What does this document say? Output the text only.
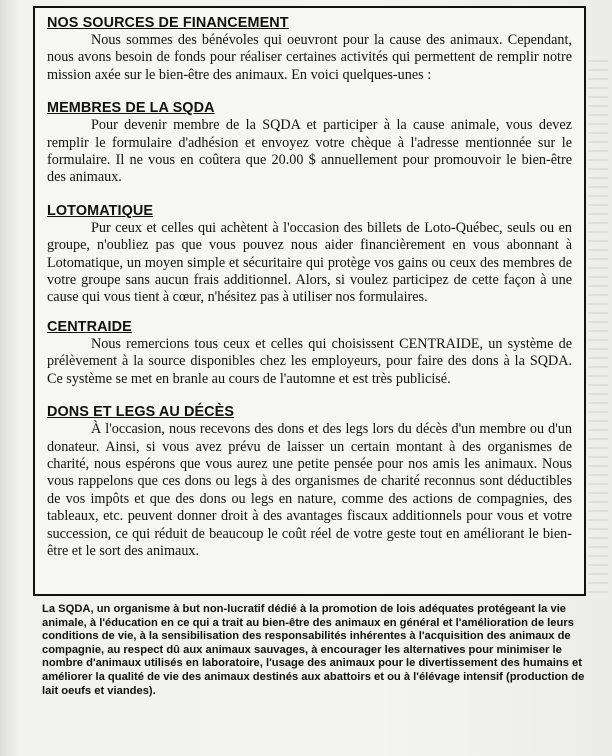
NOS SOURCES DE FINANCEMENT

Nous sommes des bénévoles qui oeuvront pour la cause des animaux. Cependant, nous avons besoin de fonds pour réaliser certaines activités qui permettent de remplir notre mission axée sur le bien-être des animaux. En voici quelques-unes :

MEMBRES DE LA SQDA

Pour devenir membre de la SQDA et participer à la cause animale, vous devez remplir le formulaire d'adhésion et envoyez votre chèque à l'adresse mentionnée sur le formulaire. Il ne vous en coûtera que 20.00 $ annuellement pour promouvoir le bien-être des animaux.

LOTOMATIQUE

Pur ceux et celles qui achètent à l'occasion des billets de Loto-Québec, seuls ou en groupe, n'oubliez pas que vous pouvez nous aider financièrement en vous abonnant à Lotomatique, un moyen simple et sécuritaire qui protège vos gains ou ceux des membres de votre groupe sans aucun frais additionnel. Alors, si voulez participez de cette façon à une cause qui vous tient à cœur, n'hésitez pas à utiliser nos formulaires.

CENTRAIDE

Nous remercions tous ceux et celles qui choisissent CENTRAIDE, un système de prélèvement à la source disponibles chez les employeurs, pour faire des dons à la SQDA. Ce système se met en branle au cours de l'automne et est très publicisé.

DONS ET LEGS AU DÉCÈS

À l'occasion, nous recevons des dons et des legs lors du décès d'un membre ou d'un donateur. Ainsi, si vous avez prévu de laisser un certain montant à des organismes de charité, nous espérons que vous aurez une petite pensée pour nos amis les animaux. Nous vous rappelons que ces dons ou legs à des organismes de charité reconnus sont déductibles de vos impôts et que des dons ou legs en nature, comme des actions de compagnies, des tableaux, etc. peuvent donner droit à des avantages fiscaux additionnels pour vous et votre succession, ce qui réduit de beaucoup le coût réel de votre geste tout en améliorant le bien-être et le sort des animaux.

La SQDA, un organisme à but non-lucratif dédié à la promotion de lois adéquates protégeant la vie animale, à l'éducation en ce qui a trait au bien-être des animaux en général et l'amélioration de leurs conditions de vie, à la sensibilisation des responsabilités inhérentes à l'acquisition des animaux de compagnie, au respect dû aux animaux sauvages, à encourager les alternatives pour minimiser le nombre d'animaux utilisés en laboratoire, l'usage des animaux pour le divertissement des humains et améliorer la qualité de vie des animaux destinés aux abattoirs et ou à l'élévage intensif (production de lait oeufs et viandes).
